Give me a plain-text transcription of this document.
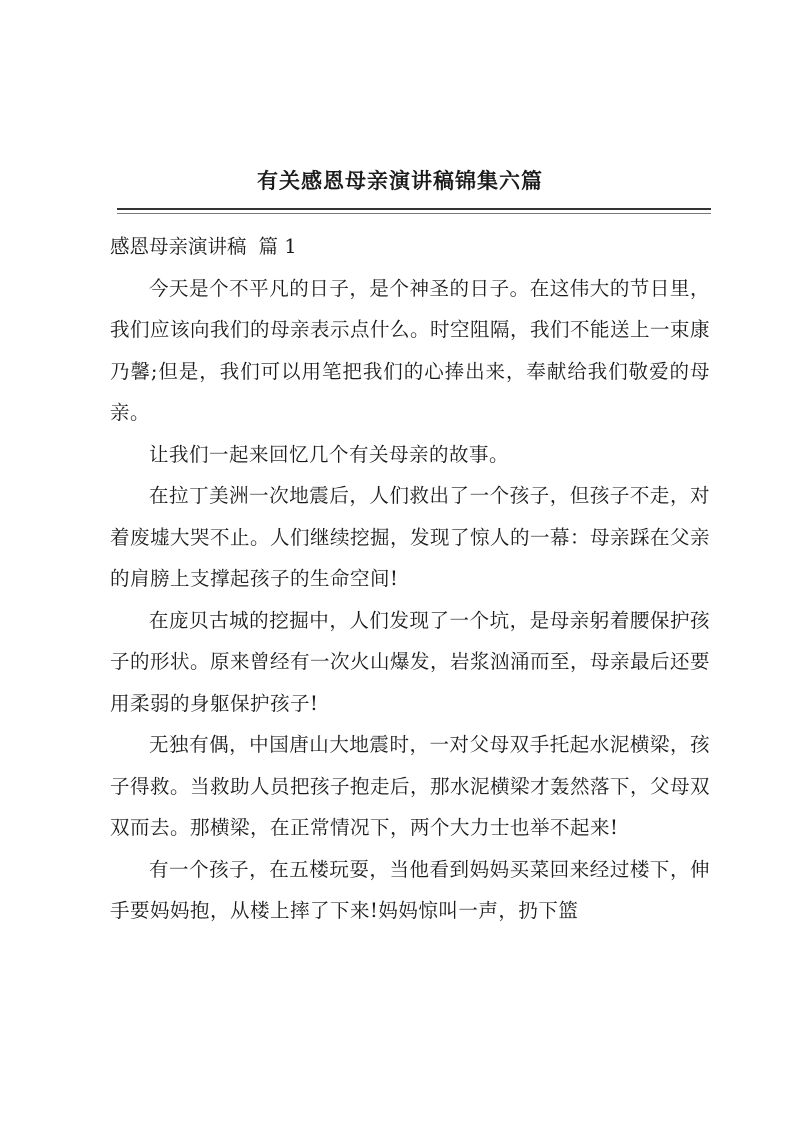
有关感恩母亲演讲稿锦集六篇
感恩母亲演讲稿 篇 1

今天是个不平凡的日子，是个神圣的日子。在这伟大的节日里，我们应该向我们的母亲表示点什么。时空阻隔，我们不能送上一束康乃馨;但是，我们可以用笔把我们的心捧出来，奉献给我们敬爱的母亲。

让我们一起来回忆几个有关母亲的故事。

在拉丁美洲一次地震后，人们救出了一个孩子，但孩子不走，对着废墟大哭不止。人们继续挖掘，发现了惊人的一幕：母亲踩在父亲的肩膀上支撑起孩子的生命空间!

在庞贝古城的挖掘中，人们发现了一个坑，是母亲躬着腰保护孩子的形状。原来曾经有一次火山爆发，岩浆汹涌而至，母亲最后还要用柔弱的身躯保护孩子!

无独有偶，中国唐山大地震时，一对父母双手托起水泥横梁，孩子得救。当救助人员把孩子抱走后，那水泥横梁才轰然落下，父母双双而去。那横梁，在正常情况下，两个大力士也举不起来!

有一个孩子，在五楼玩耍，当他看到妈妈买菜回来经过楼下，伸手要妈妈抱，从楼上摔了下来!妈妈惊叫一声，扔下篮
